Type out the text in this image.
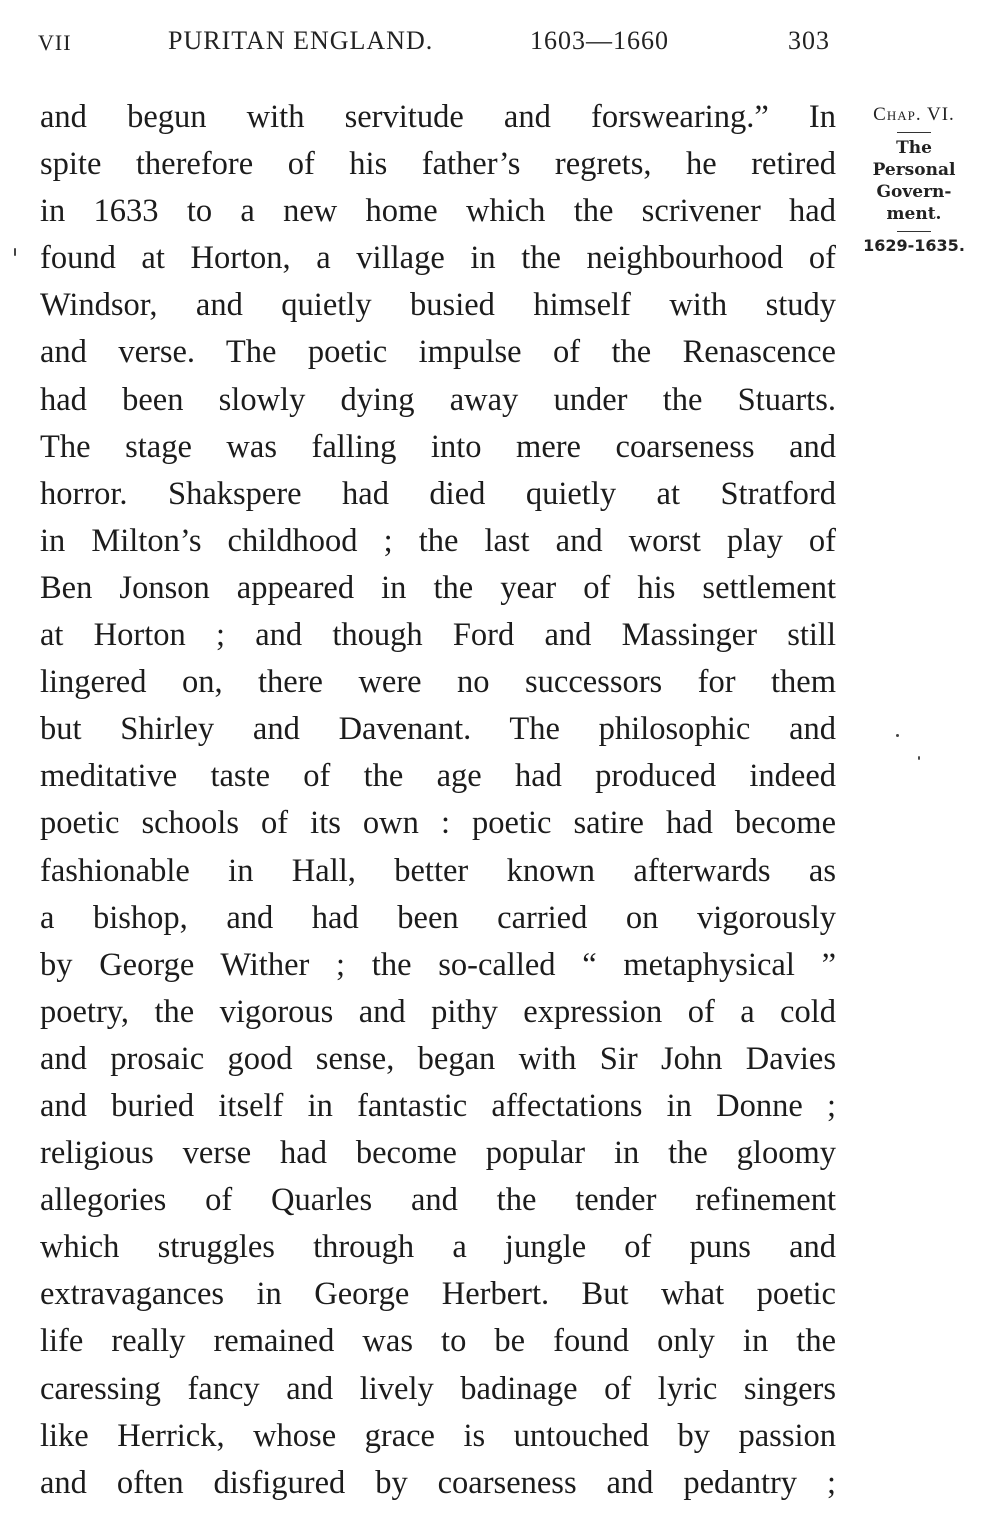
VII	PURITAN ENGLAND.	1603—1660	303
and begun with servitude and forswearing.” In
spite therefore of his father’s regrets, he retired
in 1633 to a new home which the scrivener had
found at Horton, a village in the neighbourhood of
Windsor, and quietly busied himself with study
and verse. The poetic impulse of the Renascence
had been slowly dying away under the Stuarts.
The stage was falling into mere coarseness and
horror. Shakspere had died quietly at Stratford
in Milton’s childhood ; the last and worst play of
Ben Jonson appeared in the year of his settlement
at Horton ; and though Ford and Massinger still
lingered on, there were no successors for them
but Shirley and Davenant. The philosophic and
meditative taste of the age had produced indeed
poetic schools of its own : poetic satire had become
fashionable in Hall, better known afterwards as
a bishop, and had been carried on vigorously
by George Wither ; the so-called “ metaphysical ”
poetry, the vigorous and pithy expression of a cold
and prosaic good sense, began with Sir John Davies
and buried itself in fantastic affectations in Donne ;
religious verse had become popular in the gloomy
allegories of Quarles and the tender refinement
which struggles through a jungle of puns and
extravagances in George Herbert. But what poetic
life really remained was to be found only in the
caressing fancy and lively badinage of lyric singers
like Herrick, whose grace is untouched by passion
and often disfigured by coarseness and pedantry ;
Chap. VI.
The
Personal
Govern-
ment.
1629-1635.
